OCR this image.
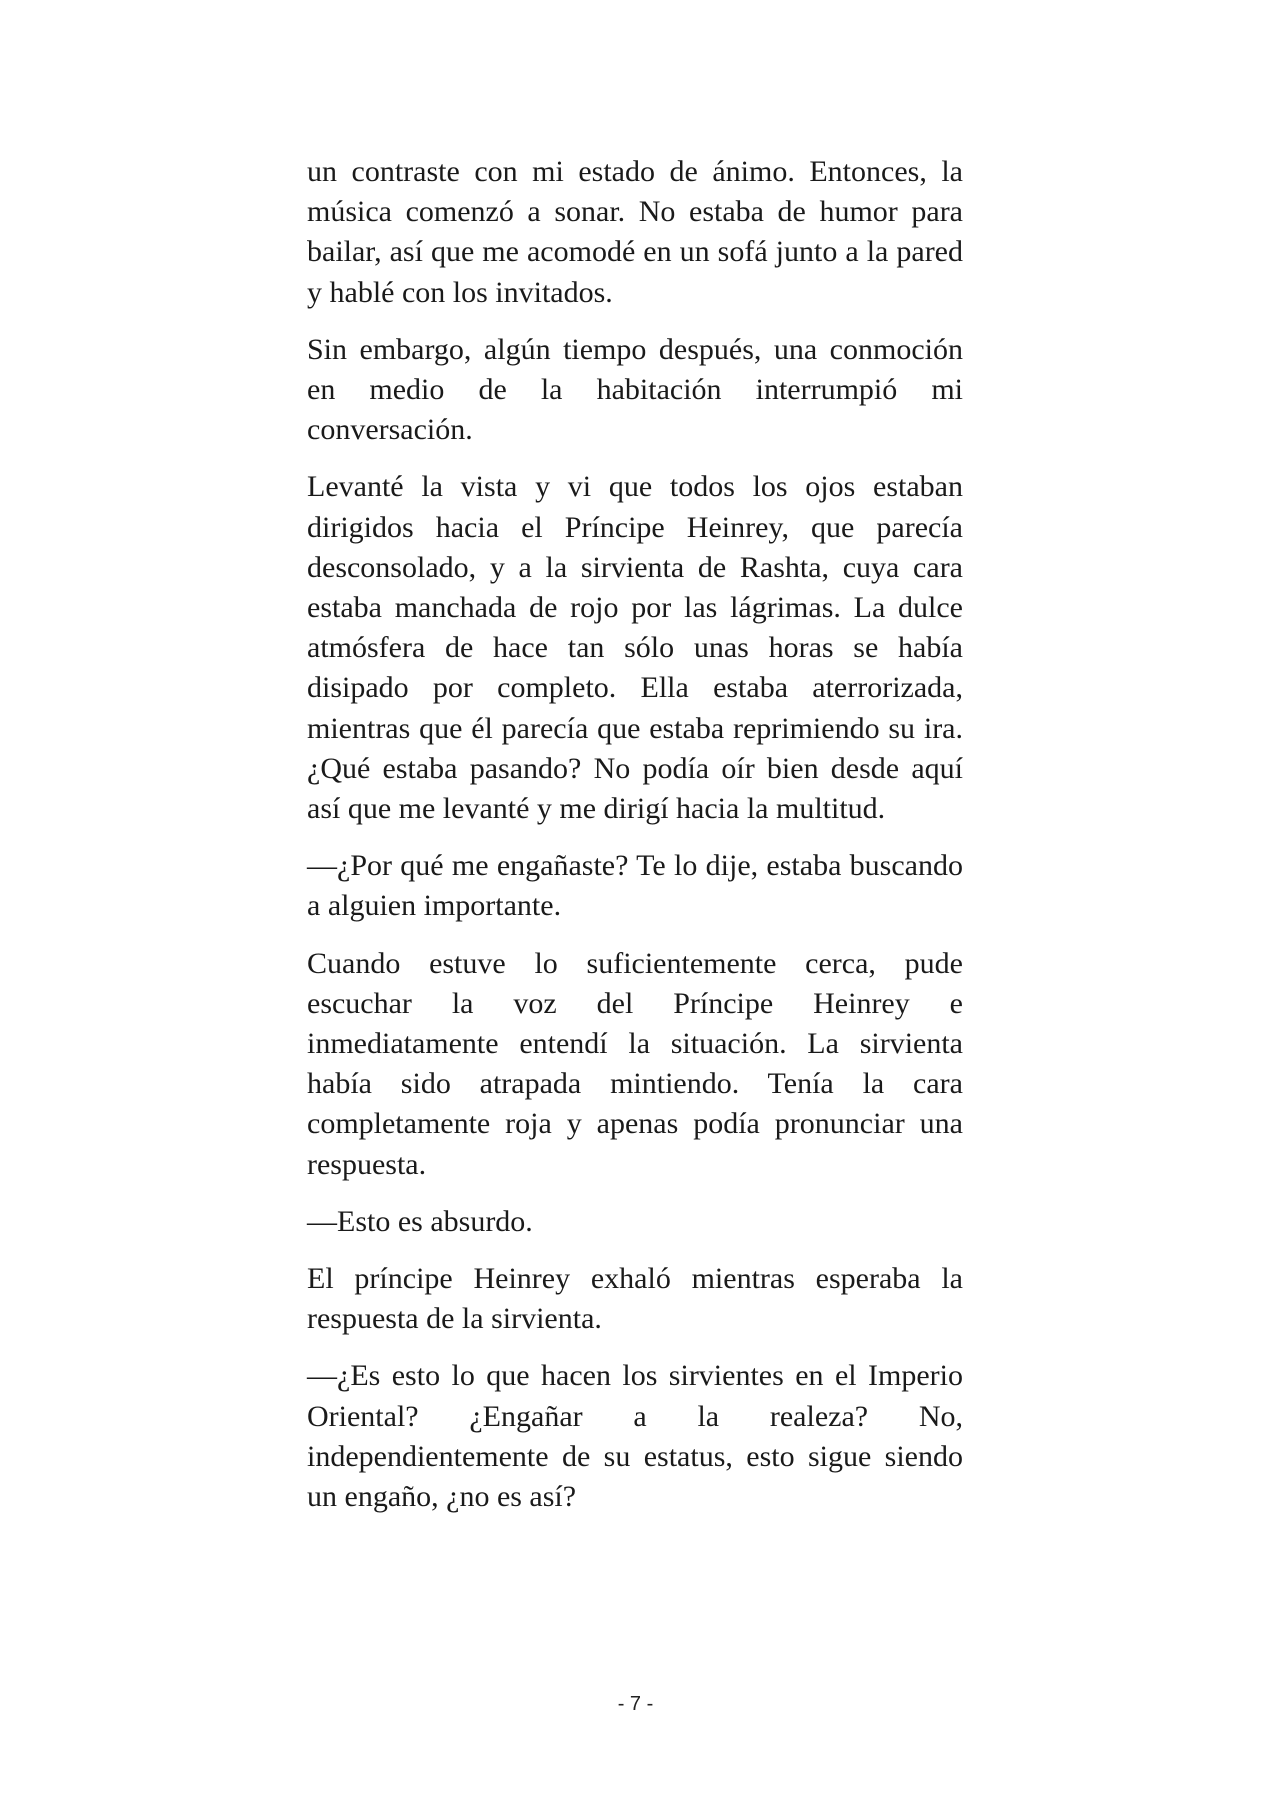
un contraste con mi estado de ánimo. Entonces, la música comenzó a sonar. No estaba de humor para bailar, así que me acomodé en un sofá junto a la pared y hablé con los invitados.

Sin embargo, algún tiempo después, una conmoción en medio de la habitación interrumpió mi conversación.

Levanté la vista y vi que todos los ojos estaban dirigidos hacia el Príncipe Heinrey, que parecía desconsolado, y a la sirvienta de Rashta, cuya cara estaba manchada de rojo por las lágrimas. La dulce atmósfera de hace tan sólo unas horas se había disipado por completo. Ella estaba aterrorizada, mientras que él parecía que estaba reprimiendo su ira. ¿Qué estaba pasando? No podía oír bien desde aquí así que me levanté y me dirigí hacia la multitud.

—¿Por qué me engañaste? Te lo dije, estaba buscando a alguien importante.

Cuando estuve lo suficientemente cerca, pude escuchar la voz del Príncipe Heinrey e inmediatamente entendí la situación. La sirvienta había sido atrapada mintiendo. Tenía la cara completamente roja y apenas podía pronunciar una respuesta.

—Esto es absurdo.

El príncipe Heinrey exhaló mientras esperaba la respuesta de la sirvienta.

—¿Es esto lo que hacen los sirvientes en el Imperio Oriental? ¿Engañar a la realeza? No, independientemente de su estatus, esto sigue siendo un engaño, ¿no es así?

- 7 -
